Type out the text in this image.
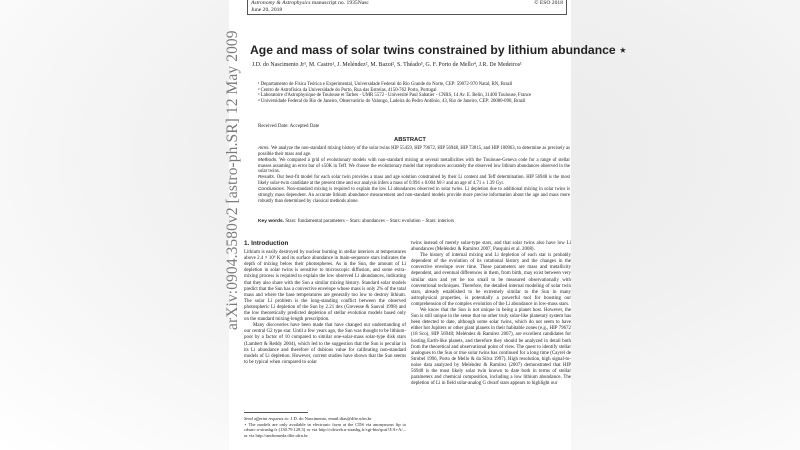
arXiv:0904.3580v2 [astro-ph.SR] 12 May 2009
Astronomy & Astrophysics manuscript no. 1935Nasc
June 20, 2018
© ESO 2018
Age and mass of solar twins constrained by lithium abundance ⋆
J.D. do Nascimento Jr¹, M. Castro¹, J. Meléndez², M. Bazot², S. Théado³, G. F. Porto de Mello⁴, J.R. De Medeiros¹
¹ Departamento de Física Teórica e Experimental, Universidade Federal do Rio Grande do Norte, CEP: 59072-970 Natal, RN, Brazil
² Centro de Astrofísica da Universidade do Porto, Rua das Estrelas, 4150-762 Porto, Portugal
³ Laboratoire d'Astrophysique de Toulouse et Tarbes - UMR 5572 - Université Paul Sabatier - CNRS, 14 Av. E. Belin, 31400 Toulouse, France
⁴ Universidade Federal do Rio de Janeiro, Observatório do Valongo, Ladeira do Pedro Antônio, 43, Rio de Janeiro, CEP: 20080-090, Brazil
Received Date: Accepted Date
ABSTRACT
Aims. We analyze the non-standard mixing history of the solar twins HIP 55459, HIP 79672, HIP 56948, HIP 73815, and HIP 100963, to determine as precisely as possible their mass and age.
Methods. We computed a grid of evolutionary models with non-standard mixing at several metallicities with the Toulouse-Geneva code for a range of stellar masses assuming an error bar of ±50K in Teff. We choose the evolutionary model that reproduces accurately the observed low lithium abundances observed in the solar twins.
Results. Our best-fit model for each solar twin provides a mass and age solution constrained by their Li content and Teff determination. HIP 56948 is the most likely solar-twin candidate at the present time and our analysis infers a mass of 0.994 ± 0.004 M☉ and an age of 4.71 ± 1.39 Gyr.
Conclusions. Non-standard mixing is required to explain the low Li abundances observed in solar twins. Li depletion due to additional mixing in solar twins is strongly mass dependent. An accurate lithium abundance measurement and non-standard models provide more precise information about the age and mass more robustly than determined by classical methods alone.
Key words. Stars: fundamental parameters – Stars: abundances – Stars: evolution – Stars: interiors
1. Introduction
Lithium is easily destroyed by nuclear burning in stellar interiors at temperatures above 2.4 × 10⁶ K and its surface abundance in main-sequence stars indicates the depth of mixing below their photospheres. As in the Sun, the amount of Li depletion in solar twins is sensitive to microscopic diffusion, and some extra-mixing process is required to explain the low observed Li abundances, indicating that they also share with the Sun a similar mixing history. Standard solar models predict that the Sun has a convective envelope whose mass is only 2% of the total mass and where the base temperatures are generally too low to destroy lithium. The solar Li problem is the long-standing conflict between the observed photospheric Li depletion of the Sun by 2.21 dex (Grevesse & Sauval 1998) and the low theoretically predicted depletion of stellar evolution models based only on the standard mixing-length prescription.
Many discoveries have been made that have changed our understanding of our central G2 type star. Until a few years ago, the Sun was thought to be lithium-poor by a factor of 10 compared to similar one-solar-mass solar-type disk stars (Lambert & Reddy 2004), which led to the suggestion that the Sun is peculiar in its Li abundance and therefore of dubious value for calibrating non-standard models of Li depletion. However, current studies have shown that the Sun seems to be typical when compared to solar
twins instead of merely solar-type stars, and that solar twins also have low Li abundances (Meléndez & Ramírez 2007, Pasquini et al. 2008).
The history of internal mixing and Li depletion of each star is probably dependent of the evolution of its rotational history and the changes in the convective envelope over time. These parameters are mass and metallicity dependent, and eventual differences in them, from birth, may exist between very similar stars and yet be too small to be measured observationally with conventional techniques. Therefore, the detailed internal modeling of solar twin stars, already established to be extremely similar to the Sun in many astrophysical properties, is potentially a powerful tool for boosting our comprehension of the complex evolution of the Li abundance in low-mass stars.
We know that the Sun is not unique in being a planet host. However, the Sun is still unique in the sense that no other truly solar-like planetary system has been detected to date, although some solar twins, which do not seem to have either hot Jupiters or other giant planets in their habitable zones (e.g., HIP 79672 (18 Sco), HIP 56948; Meléndez & Ramírez 2007), are excellent candidates for hosting Earth-like planets, and therefore they should be analyzed in detail both from the theoretical and observational point of view. The quest to identify stellar analogues to the Sun or true solar twins has continued for a long time (Cayrel de Strobel 1996, Porto de Mello & da Silva 1997). High resolution, high signal-to-noise data analyzed by Meléndez & Ramírez (2007) demonstrated that HIP 56948 is the most likely solar twin known to date both in terms of stellar parameters and chemical composition, including a low lithium abundance. The depletion of Li in field solar-analog G dwarf stars appears to highlight our
Send offprint requests to: J.D. do Nascimento, email:dias@dfte.ufrn.br
⋆ The models are only available in electronic form at the CDS via anonymous ftp to cdsarc.u-strasbg.fr (130.79.128.5) or via http://cdsweb.u-strasbg.fr/cgi-bin/qcat?J/A+A/... or via http://andromeda.dfte.ufrn.br
